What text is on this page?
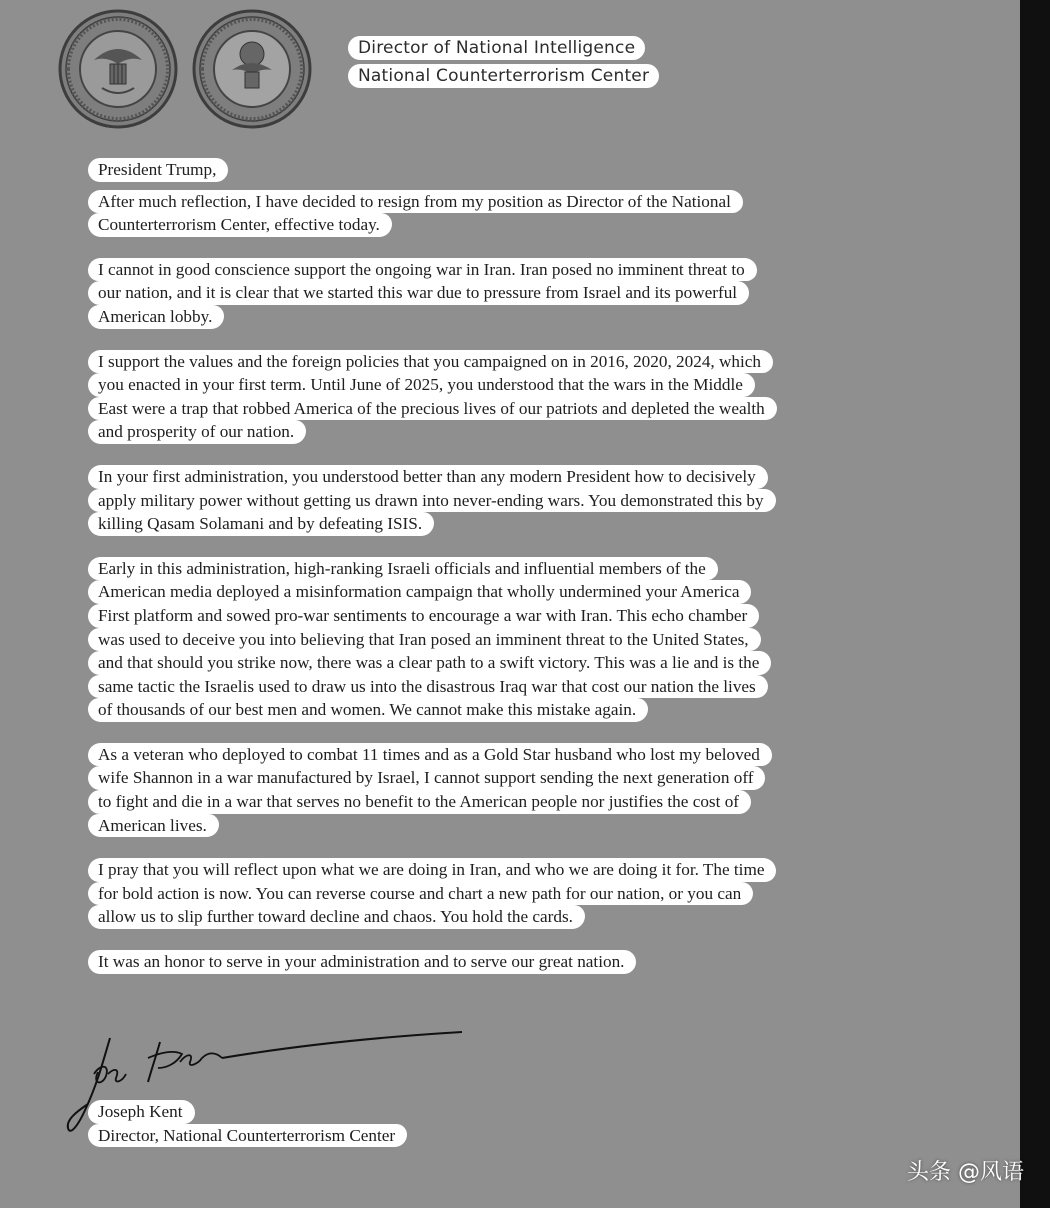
Director of National Intelligence
National Counterterrorism Center
President Trump,
After much reflection, I have decided to resign from my position as Director of the National
Counterterrorism Center, effective today.
I cannot in good conscience support the ongoing war in Iran. Iran posed no imminent threat to
our nation, and it is clear that we started this war due to pressure from Israel and its powerful
American lobby.
I support the values and the foreign policies that you campaigned on in 2016, 2020, 2024, which
you enacted in your first term. Until June of 2025, you understood that the wars in the Middle
East were a trap that robbed America of the precious lives of our patriots and depleted the wealth
and prosperity of our nation.
In your first administration, you understood better than any modern President how to decisively
apply military power without getting us drawn into never-ending wars. You demonstrated this by
killing Qasam Solamani and by defeating ISIS.
Early in this administration, high-ranking Israeli officials and influential members of the
American media deployed a misinformation campaign that wholly undermined your America
First platform and sowed pro-war sentiments to encourage a war with Iran. This echo chamber
was used to deceive you into believing that Iran posed an imminent threat to the United States,
and that should you strike now, there was a clear path to a swift victory. This was a lie and is the
same tactic the Israelis used to draw us into the disastrous Iraq war that cost our nation the lives
of thousands of our best men and women. We cannot make this mistake again.
As a veteran who deployed to combat 11 times and as a Gold Star husband who lost my beloved
wife Shannon in a war manufactured by Israel, I cannot support sending the next generation off
to fight and die in a war that serves no benefit to the American people nor justifies the cost of
American lives.
I pray that you will reflect upon what we are doing in Iran, and who we are doing it for. The time
for bold action is now. You can reverse course and chart a new path for our nation, or you can
allow us to slip further toward decline and chaos. You hold the cards.
It was an honor to serve in your administration and to serve our great nation.
Joseph Kent
Director, National Counterterrorism Center
头条 @风语
